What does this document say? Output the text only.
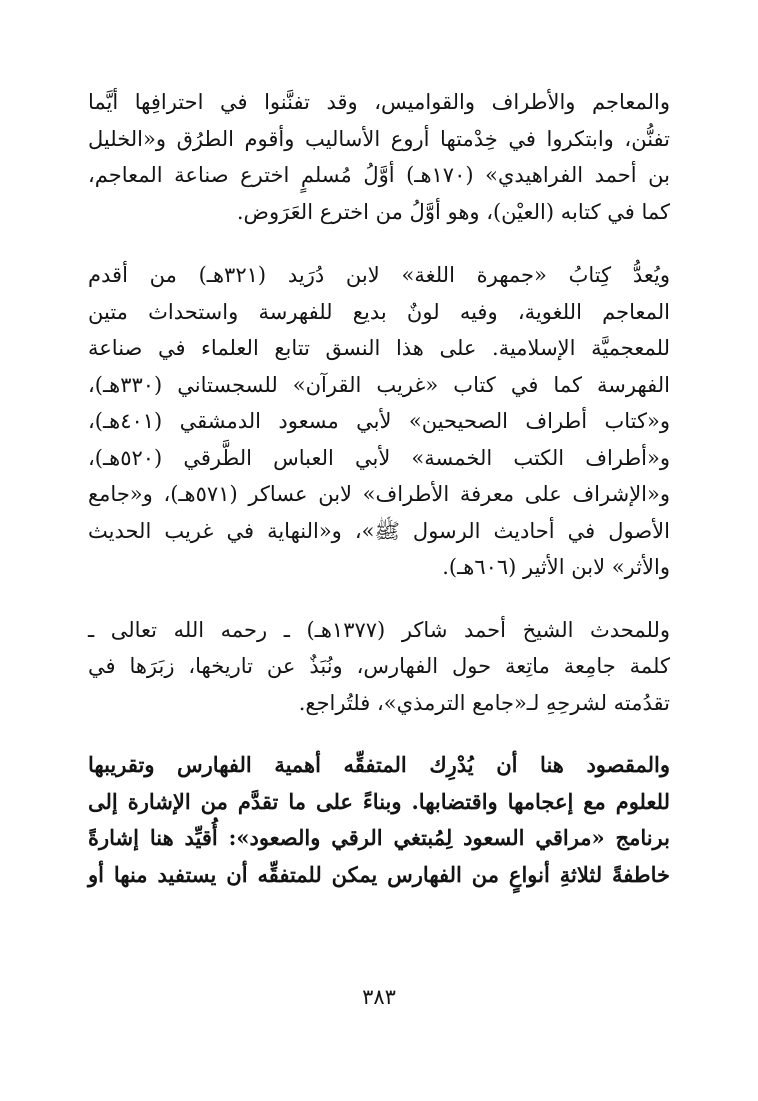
والمعاجم والأطراف والقواميس، وقد تفنَّنوا في احترافِها أيَّما
تفنُّن، وابتكروا في خِدْمتها أروع الأساليب وأقوم الطرُق و«الخليل
بن أحمد الفراهيدي» (١٧٠هـ) أوَّلُ مُسلمٍ اخترع صناعة المعاجم،
كما في كتابه (العيْن)، وهو أوَّلُ من اخترع العَرَوض.

ويُعدُّ كِتابُ «جمهرة اللغة» لابن دُرَيد (٣٢١هـ) من أقدم
المعاجم اللغوية، وفيه لونٌ بديع للفهرسة واستحداث متين
للمعجميَّة الإسلامية. على هذا النسق تتابع العلماء في صناعة
الفهرسة كما في كتاب «غريب القرآن» للسجستاني (٣٣٠هـ)،
و«كتاب أطراف الصحيحين» لأبي مسعود الدمشقي (٤٠١هـ)،
و«أطراف الكتب الخمسة» لأبي العباس الطَّرقي (٥٢٠هـ)،
و«الإشراف على معرفة الأطراف» لابن عساكر (٥٧١هـ)، و«جامع
الأصول في أحاديث الرسول ﷺ»، و«النهاية في غريب الحديث
والأثر» لابن الأثير (٦٠٦هـ).

وللمحدث الشيخ أحمد شاكر (١٣٧٧هـ) ـ رحمه الله تعالى ـ
كلمة جامِعة ماتِعة حول الفهارس، ونُبَذٌ عن تاريخها، زبَرَها في
تقدُمته لشرحِهِ لـ«جامع الترمذي»، فلتُراجع.

والمقصود هنا أن يُدْرِك المتفقِّه أهمية الفهارس وتقريبها
للعلوم مع إعجامها واقتضابها. وبناءً على ما تقدَّم من الإشارة إلى
برنامج «مراقي السعود لِمُبتغي الرقي والصعود»: أُقيِّد هنا إشارةً
خاطفةً لثلاثةِ أنواعٍ من الفهارس يمكن للمتفقِّه أن يستفيد منها أو

٣٨٣
